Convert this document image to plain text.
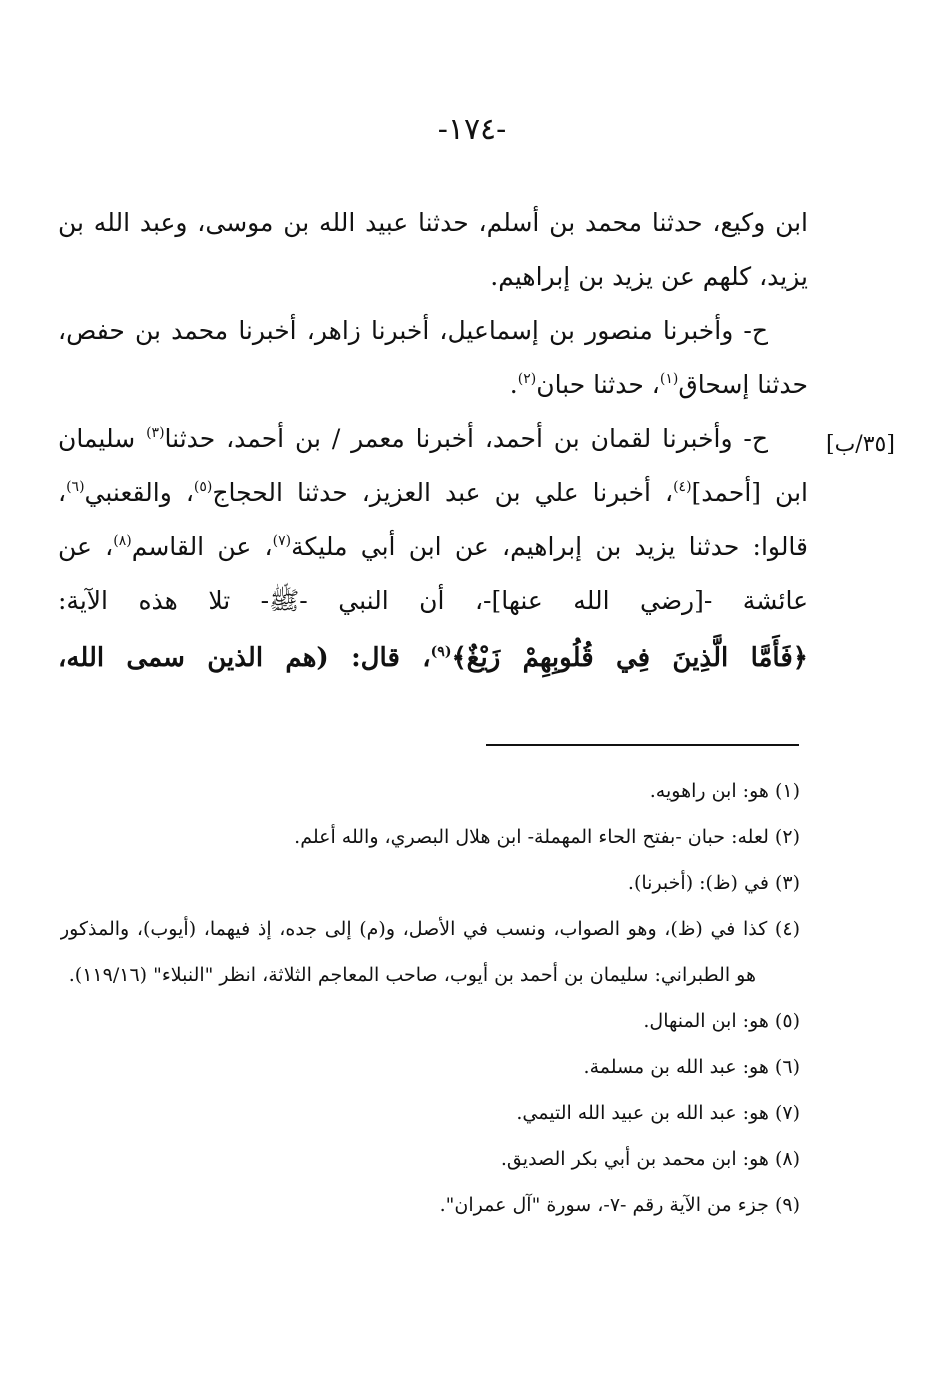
-١٧٤-
[٣٥/ب]
ابن وكيع، حدثنا محمد بن أسلم، حدثنا عبيد الله بن موسى، وعبد الله بن
يزيد، كلهم عن يزيد بن إبراهيم.
ح- وأخبرنا منصور بن إسماعيل، أخبرنا زاهر، أخبرنا محمد بن حفص،
حدثنا إسحاق$^{(١)}$، حدثنا حبان$^{(٢)}$.
ح- وأخبرنا لقمان بن أحمد، أخبرنا معمر / بن أحمد، حدثنا$^{(٣)}$ سليمان
ابن [أحمد]$^{(٤)}$، أخبرنا علي بن عبد العزيز، حدثنا الحجاج$^{(٥)}$، والقعنبي$^{(٦)}$،
قالوا: حدثنا يزيد بن إبراهيم، عن ابن أبي مليكة$^{(٧)}$، عن القاسم$^{(٨)}$، عن
عائشة -[رضي الله عنها]-، أن النبي -ﷺ- تلا هذه الآية:
﴿فَأَمَّا الَّذِينَ فِي قُلُوبِهِمْ زَيْغٌ﴾$^{(٩)}$، قال: (هم الذين سمى الله،
(١) هو: ابن راهويه.
(٢) لعله: حبان -بفتح الحاء المهملة- ابن هلال البصري، والله أعلم.
(٣) في (ظ): (أخبرنا).
(٤) كذا في (ظ)، وهو الصواب، ونسب في الأصل، و(م) إلى جده، إذ فيهما، (أيوب)، والمذكور
هو الطبراني: سليمان بن أحمد بن أيوب، صاحب المعاجم الثلاثة، انظر "النبلاء" (١١٩/١٦).
(٥) هو: ابن المنهال.
(٦) هو: عبد الله بن مسلمة.
(٧) هو: عبد الله بن عبيد الله التيمي.
(٨) هو: ابن محمد بن أبي بكر الصديق.
(٩) جزء من الآية رقم -٧-، سورة "آل عمران".
